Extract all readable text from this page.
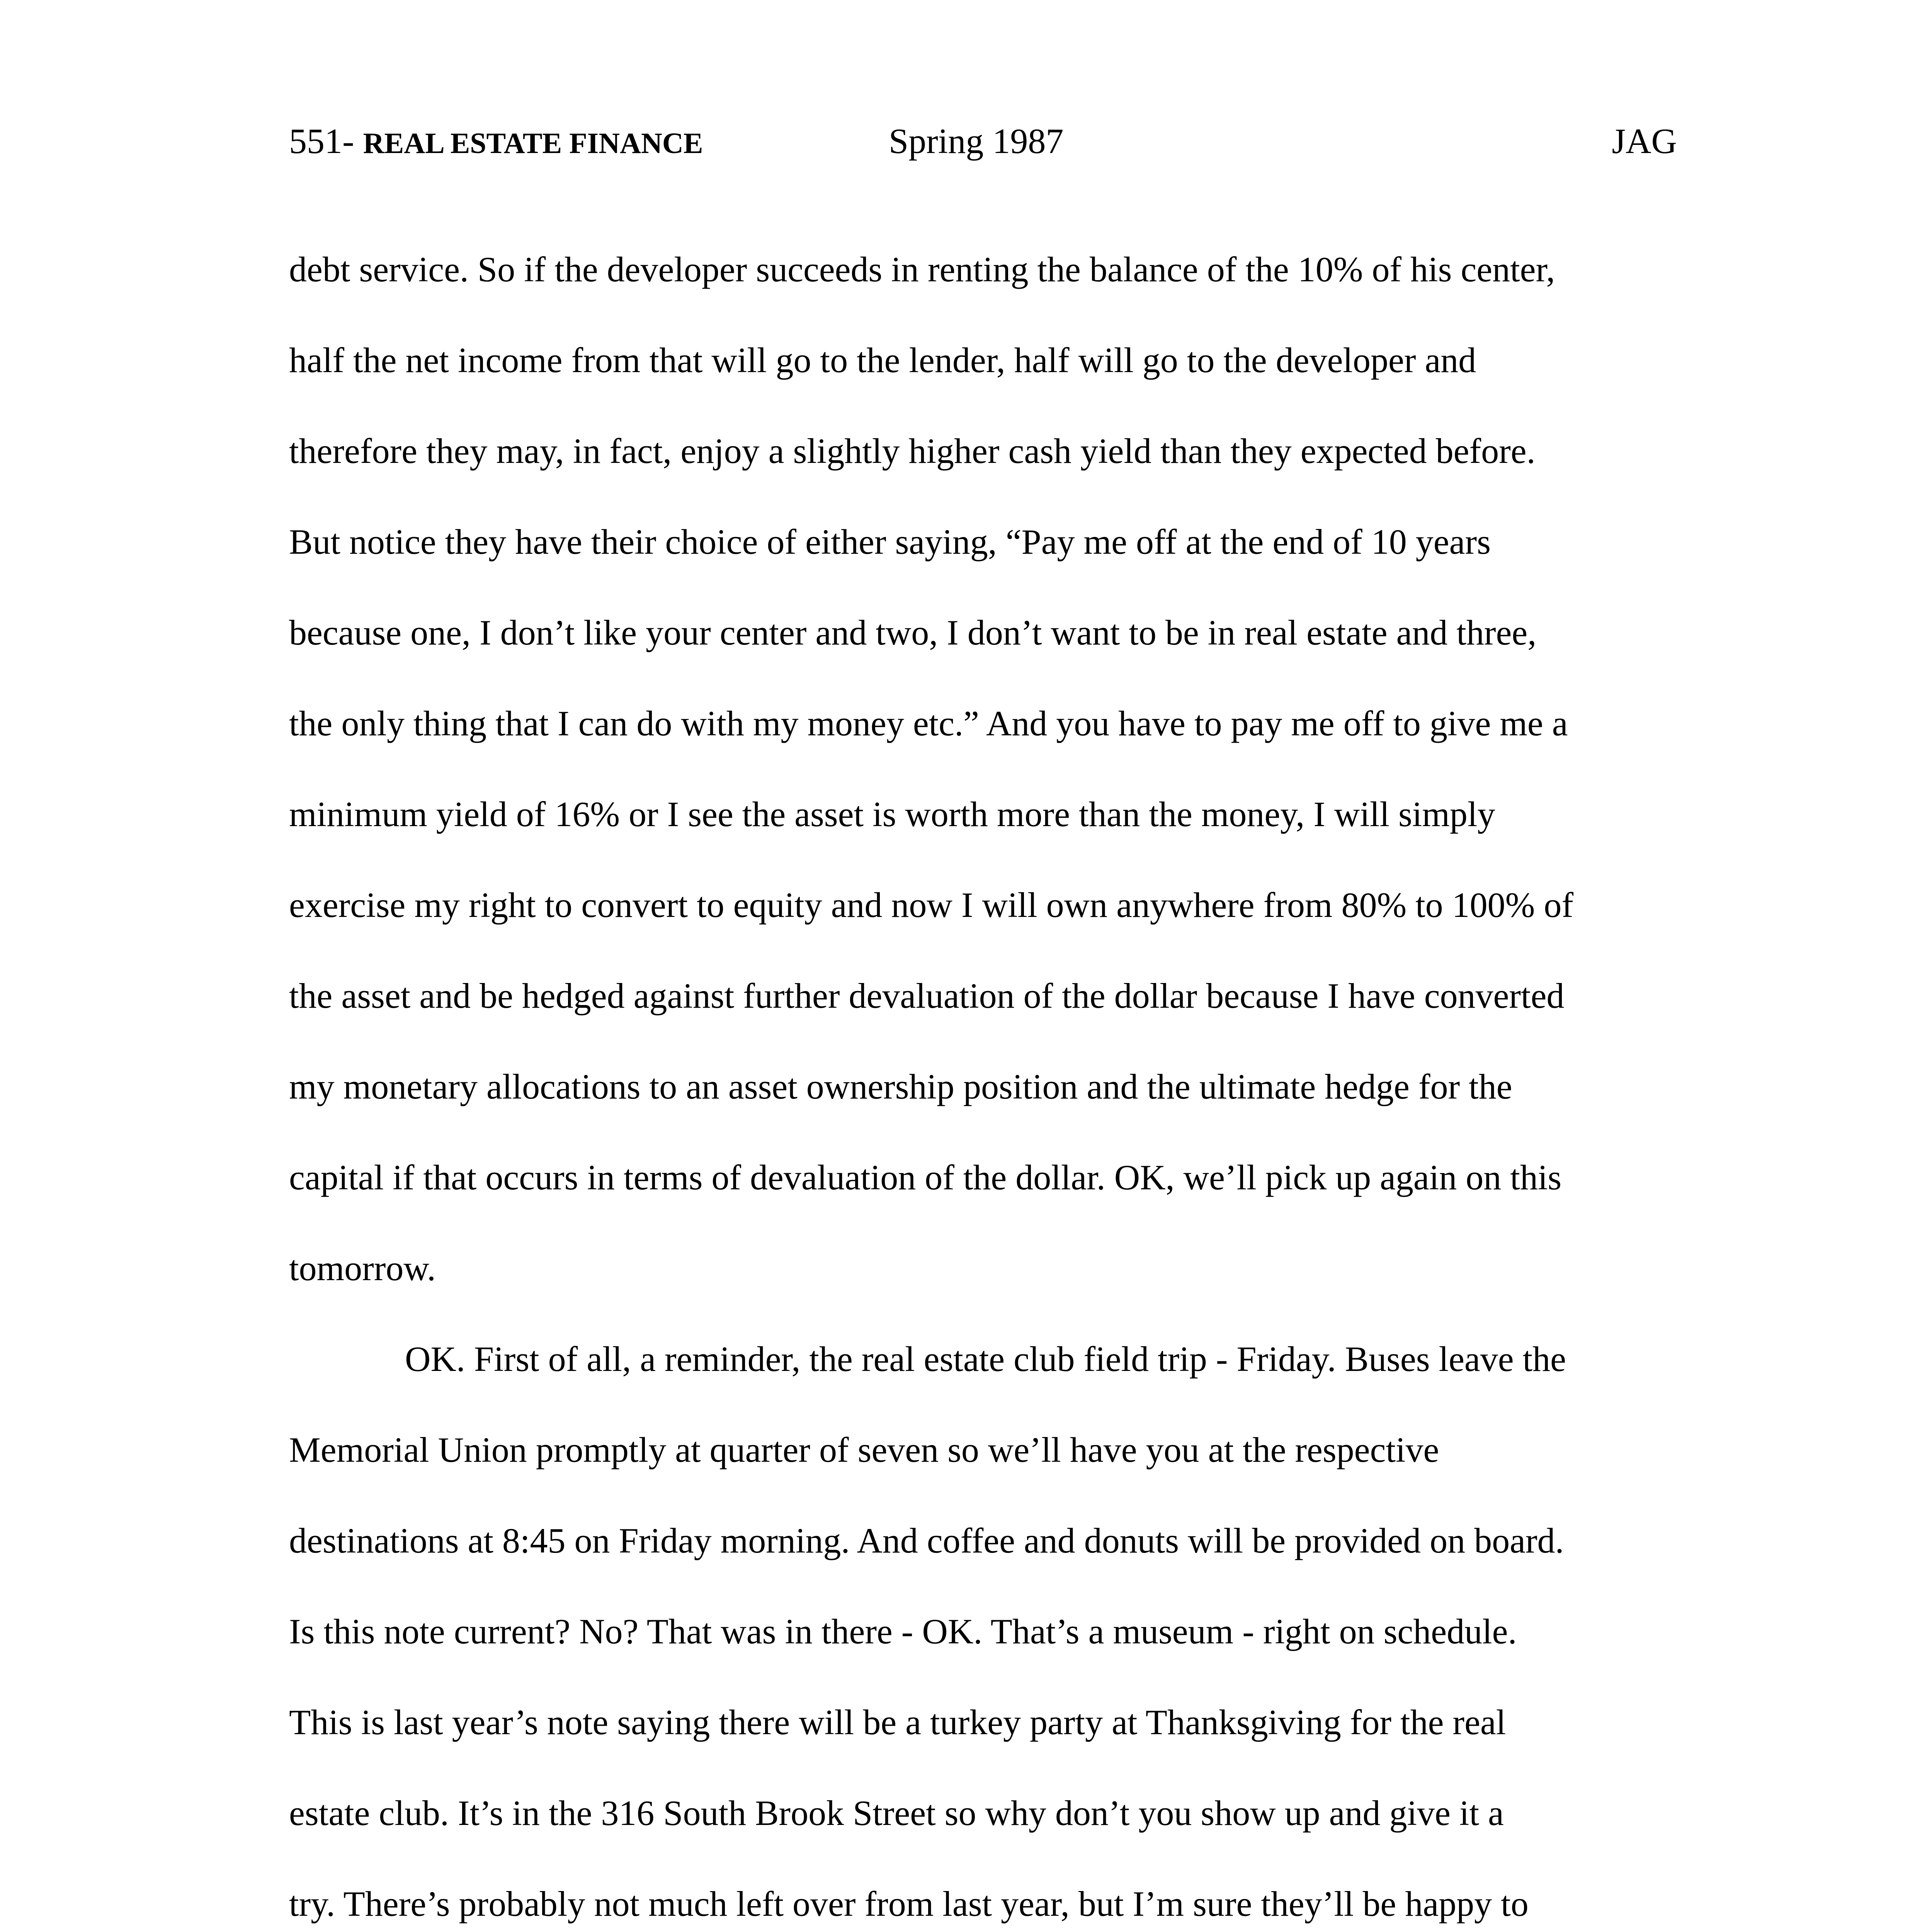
551- REAL ESTATE FINANCE	Spring 1987	JAG
debt service. So if the developer succeeds in renting the balance of the 10% of his center,
half the net income from that will go to the lender, half will go to the developer and
therefore they may, in fact, enjoy a slightly higher cash yield than they expected before.
But notice they have their choice of either saying, “Pay me off at the end of 10 years
because one, I don’t like your center and two, I don’t want to be in real estate and three,
the only thing that I can do with my money etc.” And you have to pay me off to give me a
minimum yield of 16% or I see the asset is worth more than the money, I will simply
exercise my right to convert to equity and now I will own anywhere from 80% to 100% of
the asset and be hedged against further devaluation of the dollar because I have converted
my monetary allocations to an asset ownership position and the ultimate hedge for the
capital if that occurs in terms of devaluation of the dollar. OK, we’ll pick up again on this
tomorrow.
OK. First of all, a reminder, the real estate club field trip - Friday. Buses leave the
Memorial Union promptly at quarter of seven so we’ll have you at the respective
destinations at 8:45 on Friday morning. And coffee and donuts will be provided on board.
Is this note current? No? That was in there - OK. That’s a museum - right on schedule.
This is last year’s note saying there will be a turkey party at Thanksgiving for the real
estate club. It’s in the 316 South Brook Street so why don’t you show up and give it a
try. There’s probably not much left over from last year, but I’m sure they’ll be happy to
